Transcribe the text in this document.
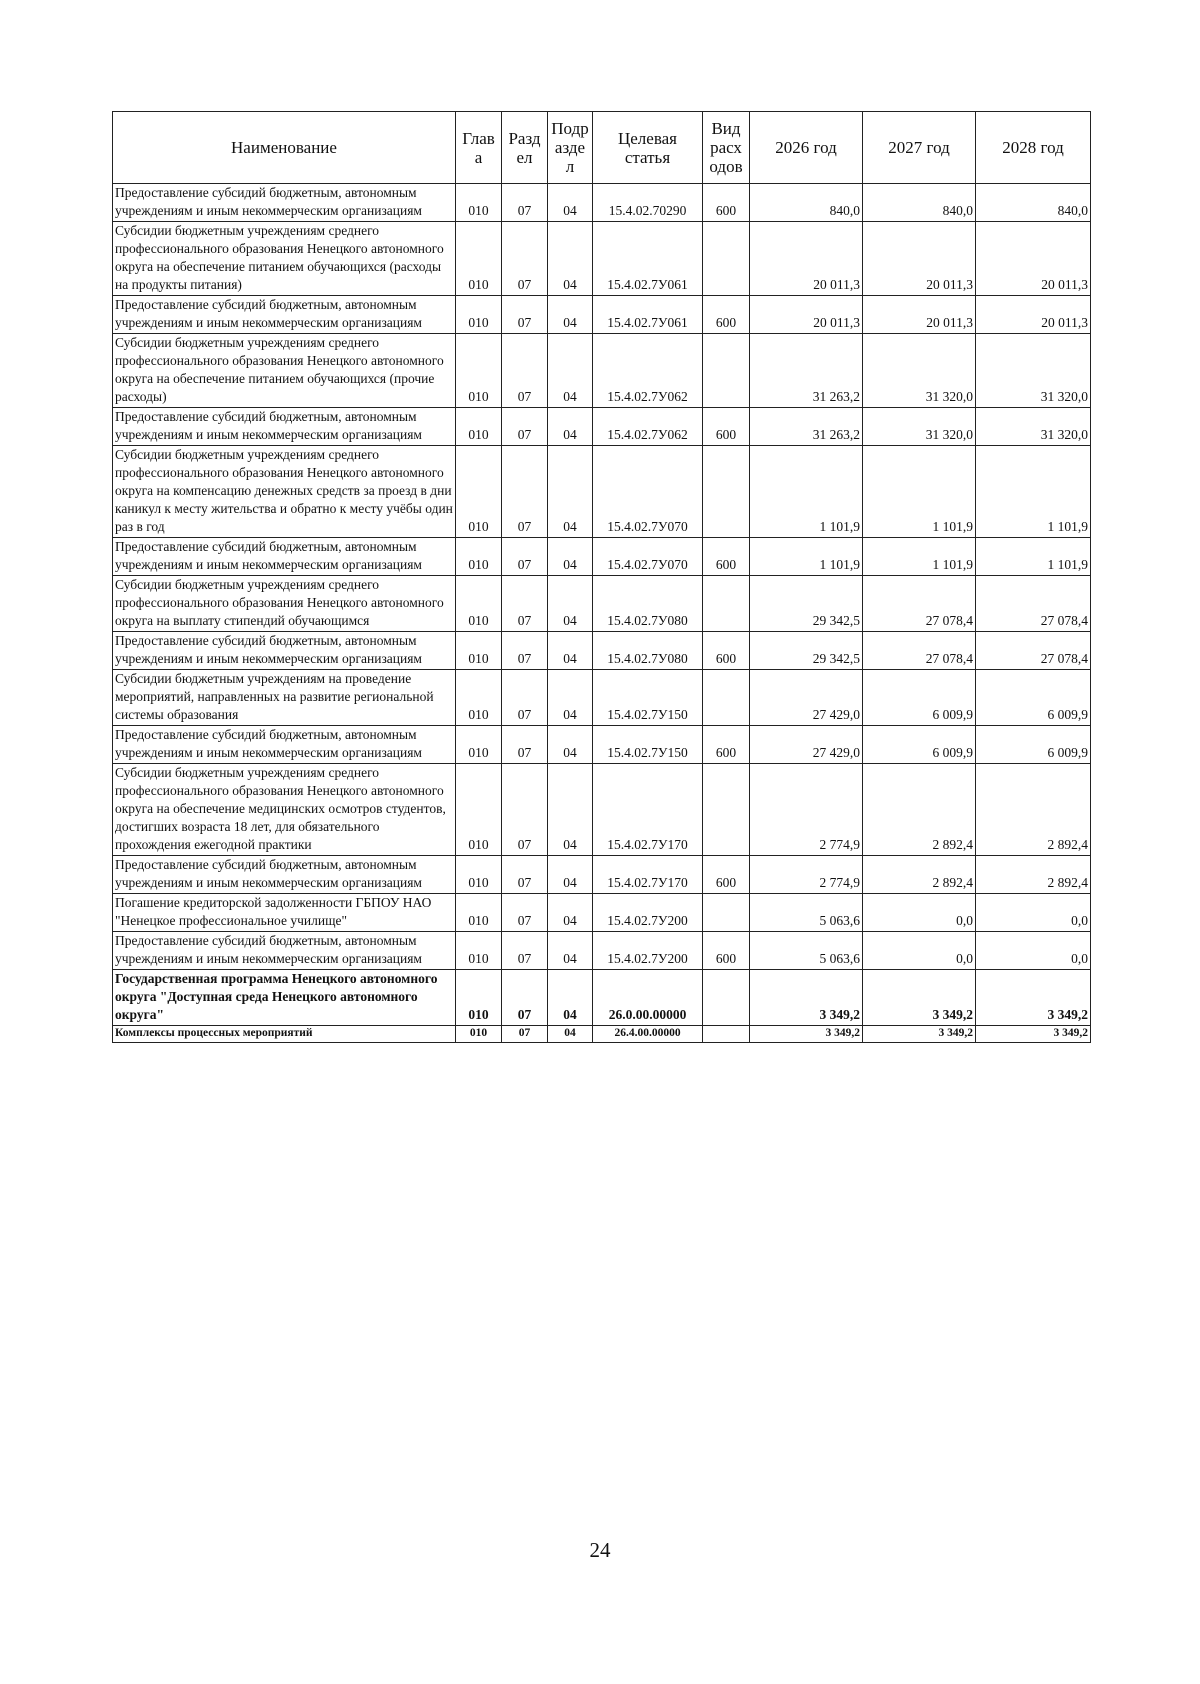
Наименование	Глав а	Разд ел	Подр азде л	Целевая статья	Вид расх одов	2026 год	2027 год	2028 год
Предоставление субсидий бюджетным, автономным учреждениям и иным некоммерческим организациям	010	07	04	15.4.02.70290	600	840,0	840,0	840,0
Субсидии бюджетным учреждениям среднего профессионального образования Ненецкого автономного округа на обеспечение питанием обучающихся (расходы на продукты питания)	010	07	04	15.4.02.7У061		20 011,3	20 011,3	20 011,3
Предоставление субсидий бюджетным, автономным учреждениям и иным некоммерческим организациям	010	07	04	15.4.02.7У061	600	20 011,3	20 011,3	20 011,3
Субсидии бюджетным учреждениям среднего профессионального образования Ненецкого автономного округа на обеспечение питанием обучающихся (прочие расходы)	010	07	04	15.4.02.7У062		31 263,2	31 320,0	31 320,0
Предоставление субсидий бюджетным, автономным учреждениям и иным некоммерческим организациям	010	07	04	15.4.02.7У062	600	31 263,2	31 320,0	31 320,0
Субсидии бюджетным учреждениям среднего профессионального образования Ненецкого автономного округа на компенсацию денежных средств за проезд в дни каникул к месту жительства и обратно к месту учёбы один раз в год	010	07	04	15.4.02.7У070		1 101,9	1 101,9	1 101,9
Предоставление субсидий бюджетным, автономным учреждениям и иным некоммерческим организациям	010	07	04	15.4.02.7У070	600	1 101,9	1 101,9	1 101,9
Субсидии бюджетным учреждениям среднего профессионального образования Ненецкого автономного округа на выплату стипендий обучающимся	010	07	04	15.4.02.7У080		29 342,5	27 078,4	27 078,4
Предоставление субсидий бюджетным, автономным учреждениям и иным некоммерческим организациям	010	07	04	15.4.02.7У080	600	29 342,5	27 078,4	27 078,4
Субсидии бюджетным учреждениям на проведение мероприятий, направленных на развитие региональной системы образования	010	07	04	15.4.02.7У150		27 429,0	6 009,9	6 009,9
Предоставление субсидий бюджетным, автономным учреждениям и иным некоммерческим организациям	010	07	04	15.4.02.7У150	600	27 429,0	6 009,9	6 009,9
Субсидии бюджетным учреждениям среднего профессионального образования Ненецкого автономного округа на обеспечение медицинских осмотров студентов, достигших возраста 18 лет, для обязательного прохождения ежегодной практики	010	07	04	15.4.02.7У170		2 774,9	2 892,4	2 892,4
Предоставление субсидий бюджетным, автономным учреждениям и иным некоммерческим организациям	010	07	04	15.4.02.7У170	600	2 774,9	2 892,4	2 892,4
Погашение кредиторской задолженности ГБПОУ НАО "Ненецкое профессиональное училище"	010	07	04	15.4.02.7У200		5 063,6	0,0	0,0
Предоставление субсидий бюджетным, автономным учреждениям и иным некоммерческим организациям	010	07	04	15.4.02.7У200	600	5 063,6	0,0	0,0
Государственная программа Ненецкого автономного округа "Доступная среда Ненецкого автономного округа"	010	07	04	26.0.00.00000		3 349,2	3 349,2	3 349,2
Комплексы процессных мероприятий	010	07	04	26.4.00.00000		3 349,2	3 349,2	3 349,2
24
